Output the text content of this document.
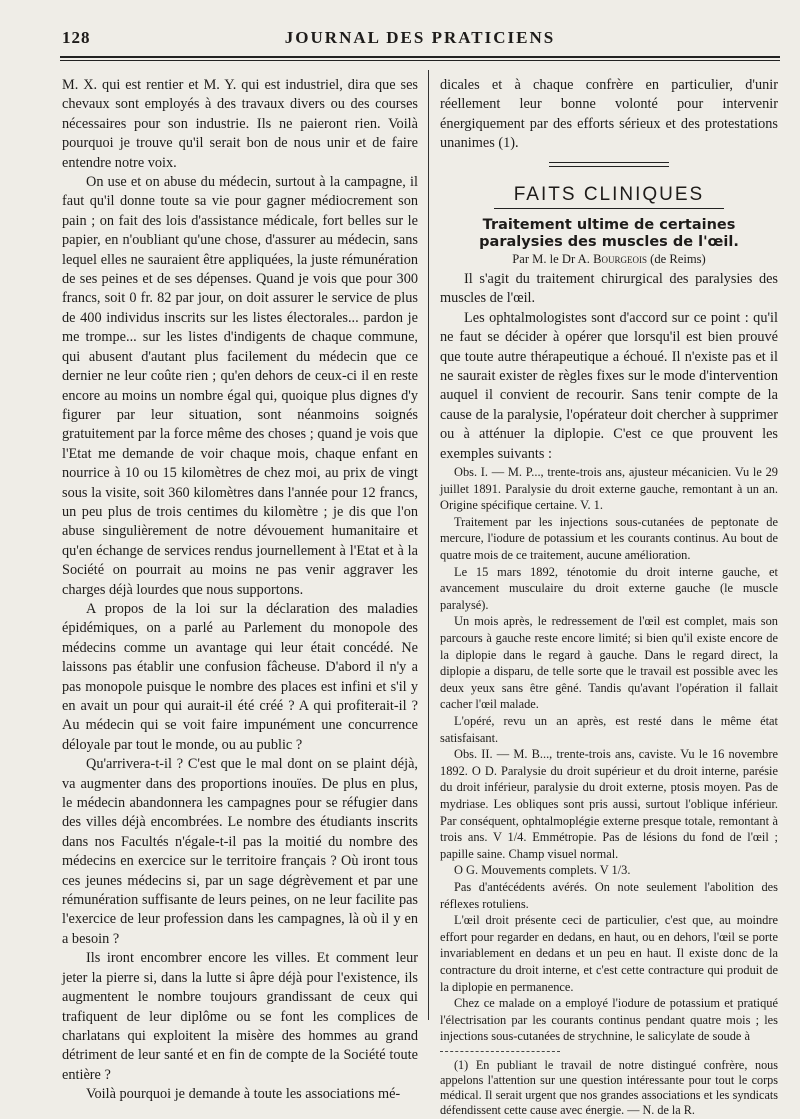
128	JOURNAL DES PRATICIENS

M. X. qui est rentier et M. Y. qui est industriel, dira que ses chevaux sont employés à des travaux divers ou des courses nécessaires pour son industrie. Ils ne paieront rien. Voilà pourquoi je trouve qu'il serait bon de nous unir et de faire entendre notre voix.

On use et on abuse du médecin, surtout à la campagne, il faut qu'il donne toute sa vie pour gagner médiocrement son pain ; on fait des lois d'assistance médicale, fort belles sur le papier, en n'oubliant qu'une chose, d'assurer au médecin, sans lequel elles ne sauraient être appliquées, la juste rémunération de ses peines et de ses dépenses. Quand je vois que pour 300 francs, soit 0 fr. 82 par jour, on doit assurer le service de plus de 400 individus inscrits sur les listes électorales... pardon je me trompe... sur les listes d'indigents de chaque commune, qui abusent d'autant plus facilement du médecin que ce dernier ne leur coûte rien ; qu'en dehors de ceux-ci il en reste encore au moins un nombre égal qui, quoique plus dignes d'y figurer par leur situation, sont néanmoins soignés gratuitement par la force même des choses ; quand je vois que l'Etat me demande de voir chaque mois, chaque enfant en nourrice à 10 ou 15 kilomètres de chez moi, au prix de vingt sous la visite, soit 360 kilomètres dans l'année pour 12 francs, un peu plus de trois centimes du kilomètre ; je dis que l'on abuse singulièrement de notre dévouement humanitaire et qu'en échange de services rendus journellement à l'Etat et à la Société on pourrait au moins ne pas venir aggraver les charges déjà lourdes que nous supportons.

A propos de la loi sur la déclaration des maladies épidémiques, on a parlé au Parlement du monopole des médecins comme un avantage qui leur était concédé. Ne laissons pas établir une confusion fâcheuse. D'abord il n'y a pas monopole puisque le nombre des places est infini et s'il y en avait un pour qui aurait-il été créé ? A qui profiterait-il ? Au médecin qui se voit faire impunément une concurrence déloyale par tout le monde, ou au public ?

Qu'arrivera-t-il ? C'est que le mal dont on se plaint déjà, va augmenter dans des proportions inouïes. De plus en plus, le médecin abandonnera les campagnes pour se réfugier dans des villes déjà encombrées. Le nombre des étudiants inscrits dans nos Facultés n'égale-t-il pas la moitié du nombre des médecins en exercice sur le territoire français ? Où iront tous ces jeunes médecins si, par un sage dégrèvement et par une rémunération suffisante de leurs peines, on ne leur facilite pas l'exercice de leur profession dans les campagnes, là où il y en a besoin ?

Ils iront encombrer encore les villes. Et comment leur jeter la pierre si, dans la lutte si âpre déjà pour l'existence, ils augmentent le nombre toujours grandissant de ceux qui trafiquent de leur diplôme ou se font les complices de charlatans qui exploitent la misère des hommes au grand détriment de leur santé et en fin de compte de la Société toute entière ?

Voilà pourquoi je demande à toute les associations mé-

dicales et à chaque confrère en particulier, d'unir réellement leur bonne volonté pour intervenir énergiquement par des efforts sérieux et des protestations unanimes (1).

FAITS CLINIQUES
Traitement ultime de certaines paralysies des muscles de l'œil.
Par M. le Dr A. Bourgeois (de Reims)

Il s'agit du traitement chirurgical des paralysies des muscles de l'œil.

Les ophtalmologistes sont d'accord sur ce point : qu'il ne faut se décider à opérer que lorsqu'il est bien prouvé que toute autre thérapeutique a échoué. Il n'existe pas et il ne saurait exister de règles fixes sur le mode d'intervention auquel il convient de recourir. Sans tenir compte de la cause de la paralysie, l'opérateur doit chercher à supprimer ou à atténuer la diplopie. C'est ce que prouvent les exemples suivants :

Obs. I. — M. P..., trente-trois ans, ajusteur mécanicien. Vu le 29 juillet 1891. Paralysie du droit externe gauche, remontant à un an. Origine spécifique certaine. V. 1.

Traitement par les injections sous-cutanées de peptonate de mercure, l'iodure de potassium et les courants continus. Au bout de quatre mois de ce traitement, aucune amélioration.

Le 15 mars 1892, ténotomie du droit interne gauche, et avancement musculaire du droit externe gauche (le muscle paralysé).

Un mois après, le redressement de l'œil est complet, mais son parcours à gauche reste encore limité; si bien qu'il existe encore de la diplopie dans le regard à gauche. Dans le regard direct, la diplopie a disparu, de telle sorte que le travail est possible avec les deux yeux sans être gêné. Tandis qu'avant l'opération il fallait cacher l'œil malade.

L'opéré, revu un an après, est resté dans le même état satisfaisant.

Obs. II. — M. B..., trente-trois ans, caviste. Vu le 16 novembre 1892. O D. Paralysie du droit supérieur et du droit interne, parésie du droit inférieur, paralysie du droit externe, ptosis moyen. Pas de mydriase. Les obliques sont pris aussi, surtout l'oblique inférieur. Par conséquent, ophtalmoplégie externe presque totale, remontant à trois ans. V 1/4. Emmétropie. Pas de lésions du fond de l'œil ; papille saine. Champ visuel normal.

O G. Mouvements complets. V 1/3.

Pas d'antécédents avérés. On note seulement l'abolition des réflexes rotuliens.

L'œil droit présente ceci de particulier, c'est que, au moindre effort pour regarder en dedans, en haut, ou en dehors, l'œil se porte invariablement en dedans et un peu en haut. Il existe donc de la contracture du droit interne, et c'est cette contracture qui produit de la diplopie en permanence.

Chez ce malade on a employé l'iodure de potassium et pratiqué l'électrisation par les courants continus pendant quatre mois ; les injections sous-cutanées de strychnine, le salicylate de soude à

(1) En publiant le travail de notre distingué confrère, nous appelons l'attention sur une question intéressante pour tout le corps médical. Il serait urgent que nos grandes associations et les syndicats défendissent cette cause avec énergie. — N. de la R.
